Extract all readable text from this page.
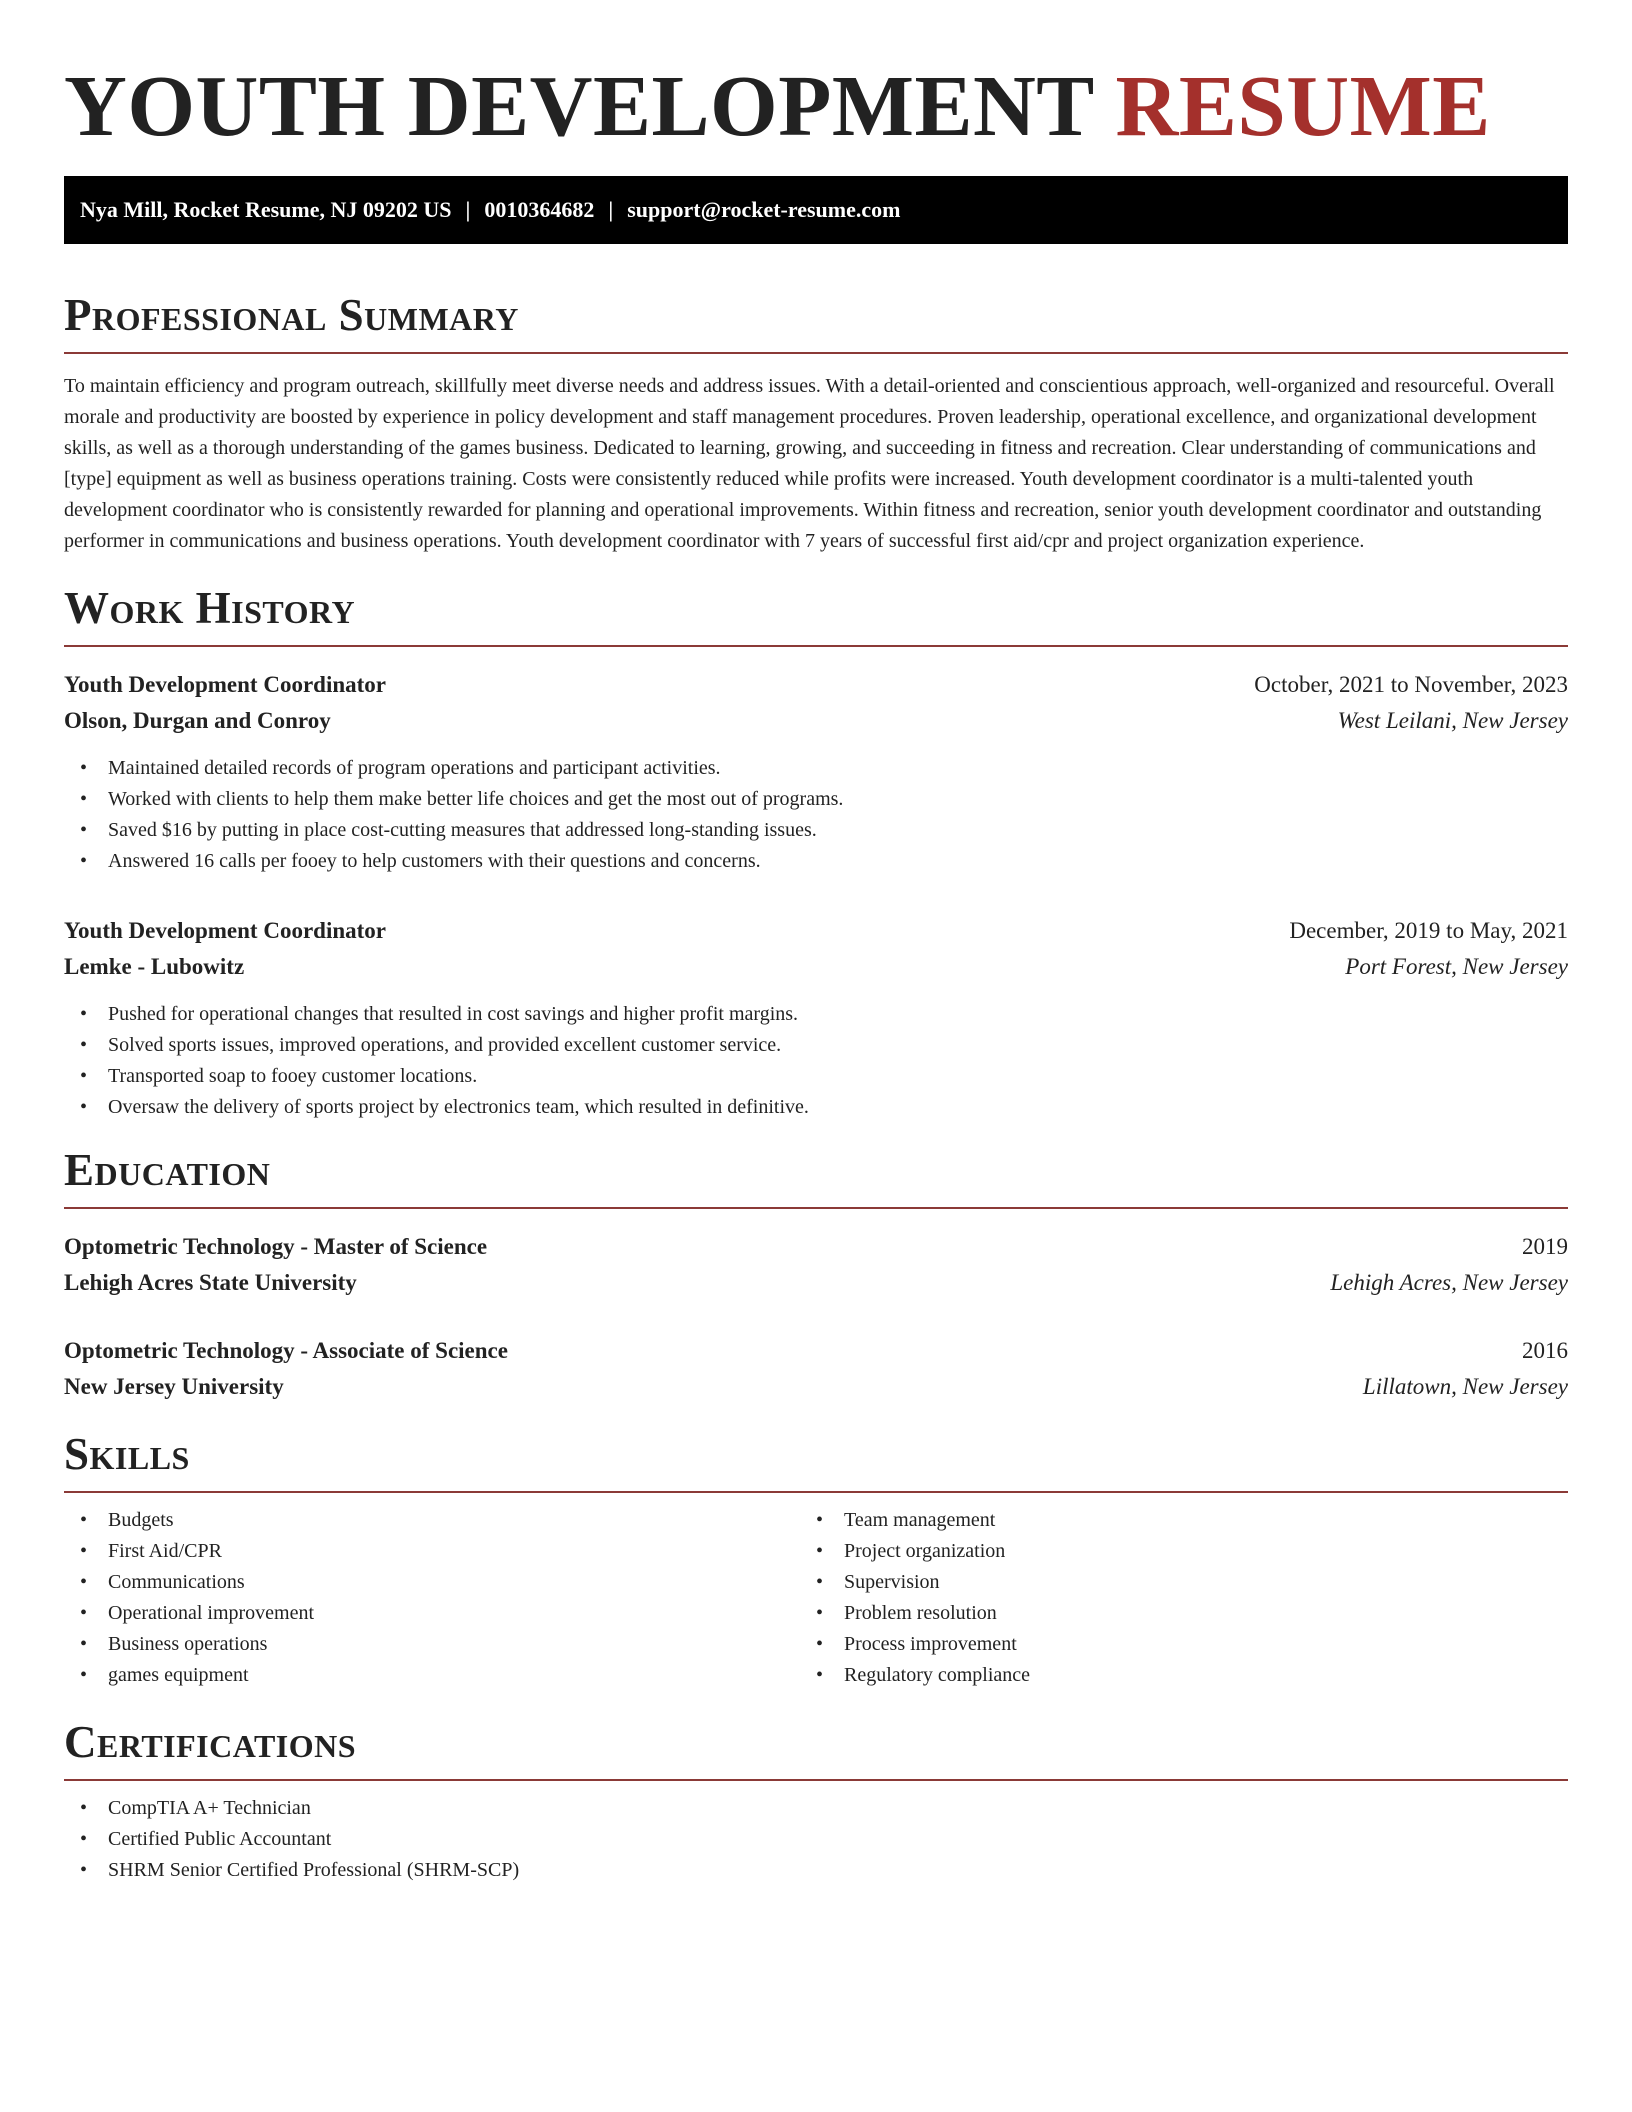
YOUTH DEVELOPMENT RESUME
Nya Mill, Rocket Resume, NJ 09202 US | 0010364682 | support@rocket-resume.com
Professional Summary

To maintain efficiency and program outreach, skillfully meet diverse needs and address issues. With a detail-oriented and conscientious approach, well-organized and resourceful. Overall morale and productivity are boosted by experience in policy development and staff management procedures. Proven leadership, operational excellence, and organizational development skills, as well as a thorough understanding of the games business. Dedicated to learning, growing, and succeeding in fitness and recreation. Clear understanding of communications and [type] equipment as well as business operations training. Costs were consistently reduced while profits were increased. Youth development coordinator is a multi-talented youth development coordinator who is consistently rewarded for planning and operational improvements. Within fitness and recreation, senior youth development coordinator and outstanding performer in communications and business operations. Youth development coordinator with 7 years of successful first aid/cpr and project organization experience.

Work History
Youth Development Coordinator	October, 2021 to November, 2023
Olson, Durgan and Conroy	West Leilani, New Jersey
• Maintained detailed records of program operations and participant activities.
• Worked with clients to help them make better life choices and get the most out of programs.
• Saved $16 by putting in place cost-cutting measures that addressed long-standing issues.
• Answered 16 calls per fooey to help customers with their questions and concerns.
Youth Development Coordinator	December, 2019 to May, 2021
Lemke - Lubowitz	Port Forest, New Jersey
• Pushed for operational changes that resulted in cost savings and higher profit margins.
• Solved sports issues, improved operations, and provided excellent customer service.
• Transported soap to fooey customer locations.
• Oversaw the delivery of sports project by electronics team, which resulted in definitive.
Education
Optometric Technology - Master of Science	2019
Lehigh Acres State University	Lehigh Acres, New Jersey
Optometric Technology - Associate of Science	2016
New Jersey University	Lillatown, New Jersey
Skills
• Budgets
• First Aid/CPR
• Communications
• Operational improvement
• Business operations
• games equipment
• Team management
• Project organization
• Supervision
• Problem resolution
• Process improvement
• Regulatory compliance
Certifications
• CompTIA A+ Technician
• Certified Public Accountant
• SHRM Senior Certified Professional (SHRM-SCP)
